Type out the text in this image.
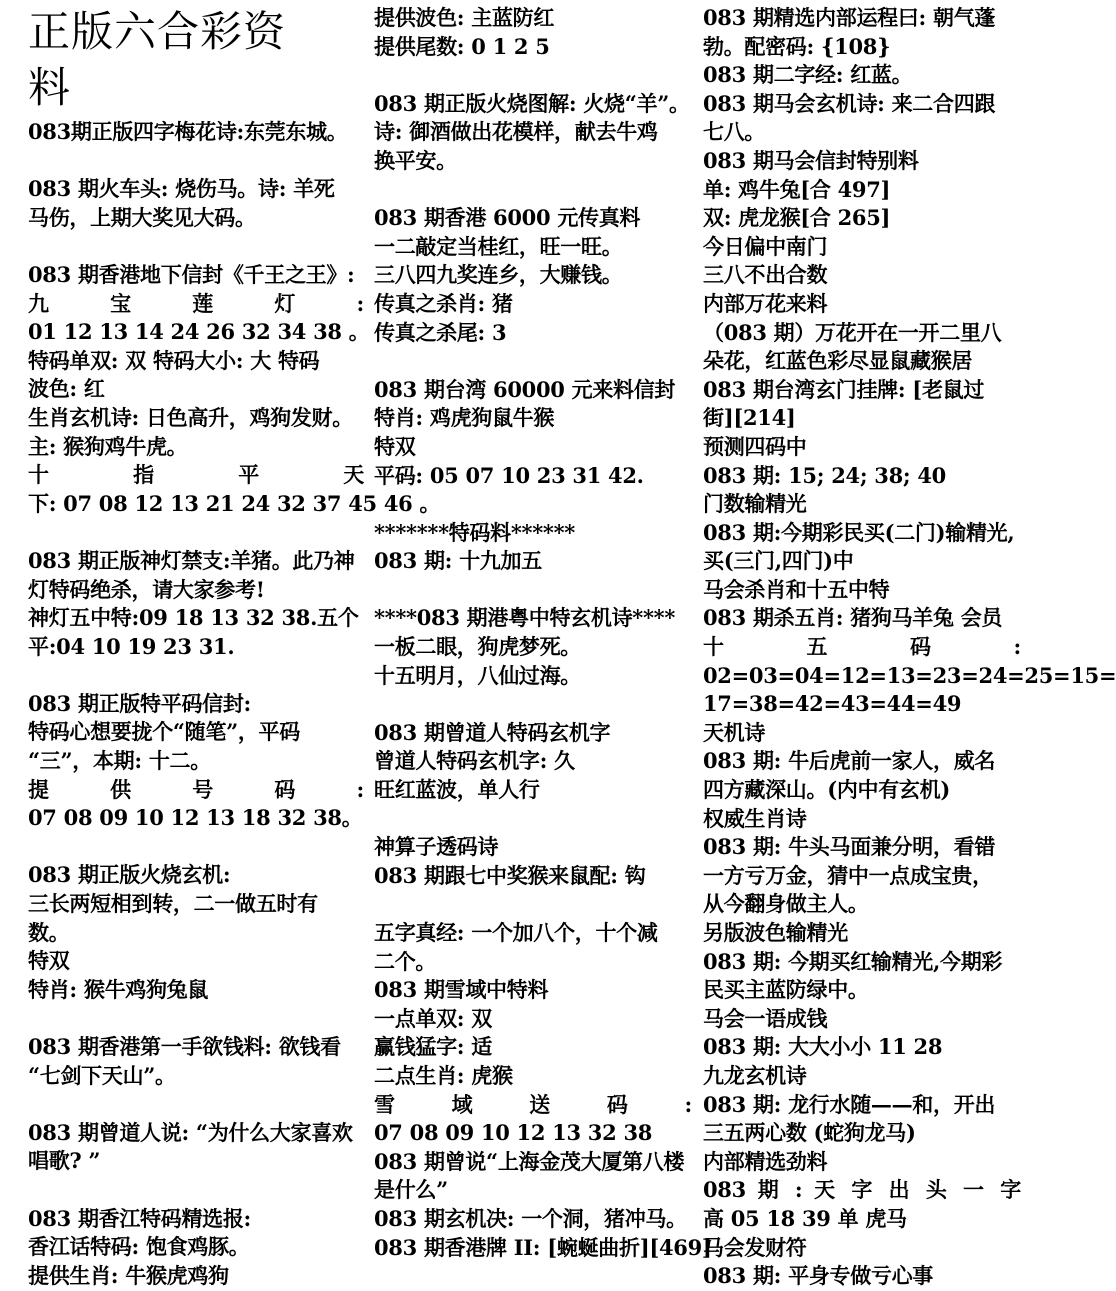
正版六合彩资料
083期正版四字梅花诗:东莞东城。
083 期火车头: 烧伤马。诗: 羊死
马伤，上期大奖见大码。
083 期香港地下信封《千王之王》:
九 宝 莲 灯 :
01 12 13 14 24 26 32 34 38 。
特码单双: 双 特码大小: 大 特码
波色: 红
生肖玄机诗: 日色高升，鸡狗发财。
主: 猴狗鸡牛虎。
十 指 平 天
下: 07 08 12 13 21 24 32 37 45 46 。
083 期正版神灯禁支:羊猪。此乃神
灯特码绝杀，请大家参考!
神灯五中特:09 18 13 32 38.五个
平:04 10 19 23 31.
083 期正版特平码信封:
特码心想要拢个“随笔”，平码
“三”，本期: 十二。
提 供 号 码 :
07 08 09 10 12 13 18 32 38。
083 期正版火烧玄机:
三长两短相到转，二一做五时有
数。
特双
特肖: 猴牛鸡狗兔鼠
083 期香港第一手欲钱料: 欲钱看
“七剑下天山”。
083 期曾道人说: “为什么大家喜欢
唱歌? ”
083 期香江特码精选报:
香江话特码: 饱食鸡豚。
提供生肖: 牛猴虎鸡狗
提供波色: 主蓝防红
提供尾数: 0 1 2 5
083 期正版火烧图解: 火烧“羊”。
诗: 御酒做出花模样，献去牛鸡
换平安。
083 期香港 6000 元传真料
一二敲定当桂红，旺一旺。
三八四九奖连乡，大赚钱。
传真之杀肖: 猪
传真之杀尾: 3
083 期台湾 60000 元来料信封
特肖: 鸡虎狗鼠牛猴
特双
平码: 05 07 10 23 31 42.
*******特码料******
083 期: 十九加五
****083 期港粤中特玄机诗****
一板二眼，狗虎梦死。
十五明月，八仙过海。
083 期曾道人特码玄机字
曾道人特码玄机字: 久
旺红蓝波，单人行
神算子透码诗
083 期跟七中奖猴来鼠配: 钩
五字真经: 一个加八个，十个减
二个。
083 期雪域中特料
一点单双: 双
赢钱猛字: 适
二点生肖: 虎猴
雪 域 送 码 :
07 08 09 10 12 13 32 38
083 期曾说“上海金茂大厦第八楼
是什么”
083 期玄机决: 一个洞，猪冲马。
083 期香港牌 II: [蜿蜒曲折][469]
083 期精选内部运程曰: 朝气蓬
勃。配密码: {108}
083 期二字经: 红蓝。
083 期马会玄机诗: 来二合四跟
七八。
083 期马会信封特别料
单: 鸡牛兔[合 497]
双: 虎龙猴[合 265]
今日偏中南门
三八不出合数
内部万花来料
（083 期）万花开在一开二里八
朵花，红蓝色彩尽显鼠藏猴居
083 期台湾玄门挂牌: [老鼠过
街][214]
预测四码中
083 期: 15; 24; 38; 40
门数输精光
083 期:今期彩民买(二门)输精光,
买(三门,四门)中
马会杀肖和十五中特
083 期杀五肖: 猪狗马羊兔 会员
十 五 码 :
02=03=04=12=13=23=24=25=15=
17=38=42=43=44=49
天机诗
083 期: 牛后虎前一家人，威名
四方藏深山。(内中有玄机)
权威生肖诗
083 期: 牛头马面兼分明，看错
一方亏万金，猜中一点成宝贵，
从今翻身做主人。
另版波色输精光
083 期: 今期买红输精光,今期彩
民买主蓝防绿中。
马会一语成钱
083 期: 大大小小 11 28
九龙玄机诗
083 期: 龙行水随——和，开出
三五两心数 (蛇狗龙马)
内部精选劲料
083 期 : 天 字 出 头 一 字
高 05 18 39 单 虎马
马会发财符
083 期: 平身专做亏心事
